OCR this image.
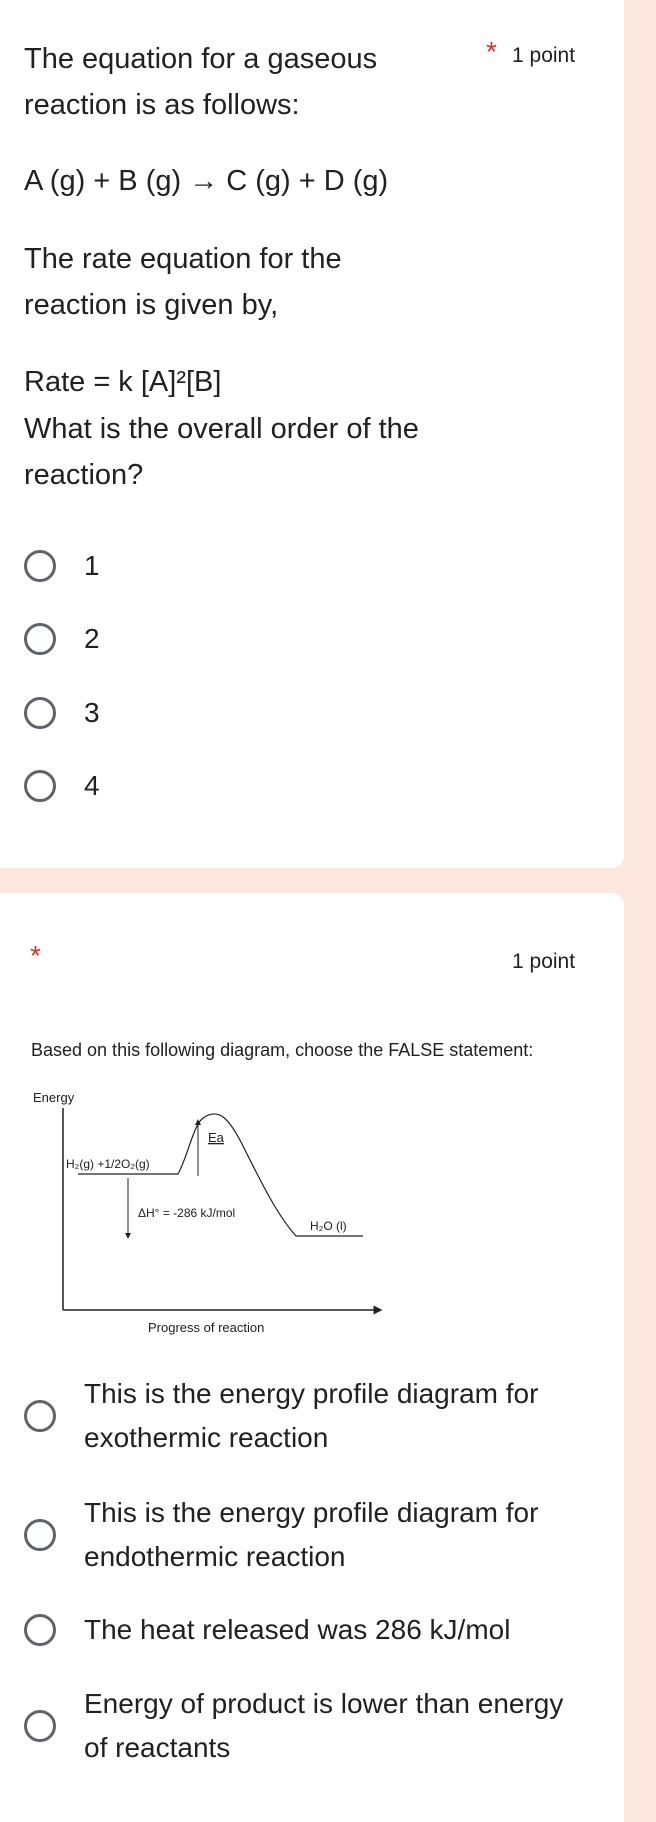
The equation for a gaseous reaction is as follows:

* 1 point

A (g) + B (g) → C (g) + D (g)

The rate equation for the reaction is given by,

Rate = k [A]²[B]

What is the overall order of the reaction?

1
2
3
4
*	1 point

Based on this following diagram, choose the FALSE statement:

Energy
Progress of reaction
H₂(g) +1/2O₂(g)
Ea
ΔH° = -286 kJ/mol
H₂O (l)
This is the energy profile diagram for exothermic reaction
This is the energy profile diagram for endothermic reaction
The heat released was 286 kJ/mol
Energy of product is lower than energy of reactants
